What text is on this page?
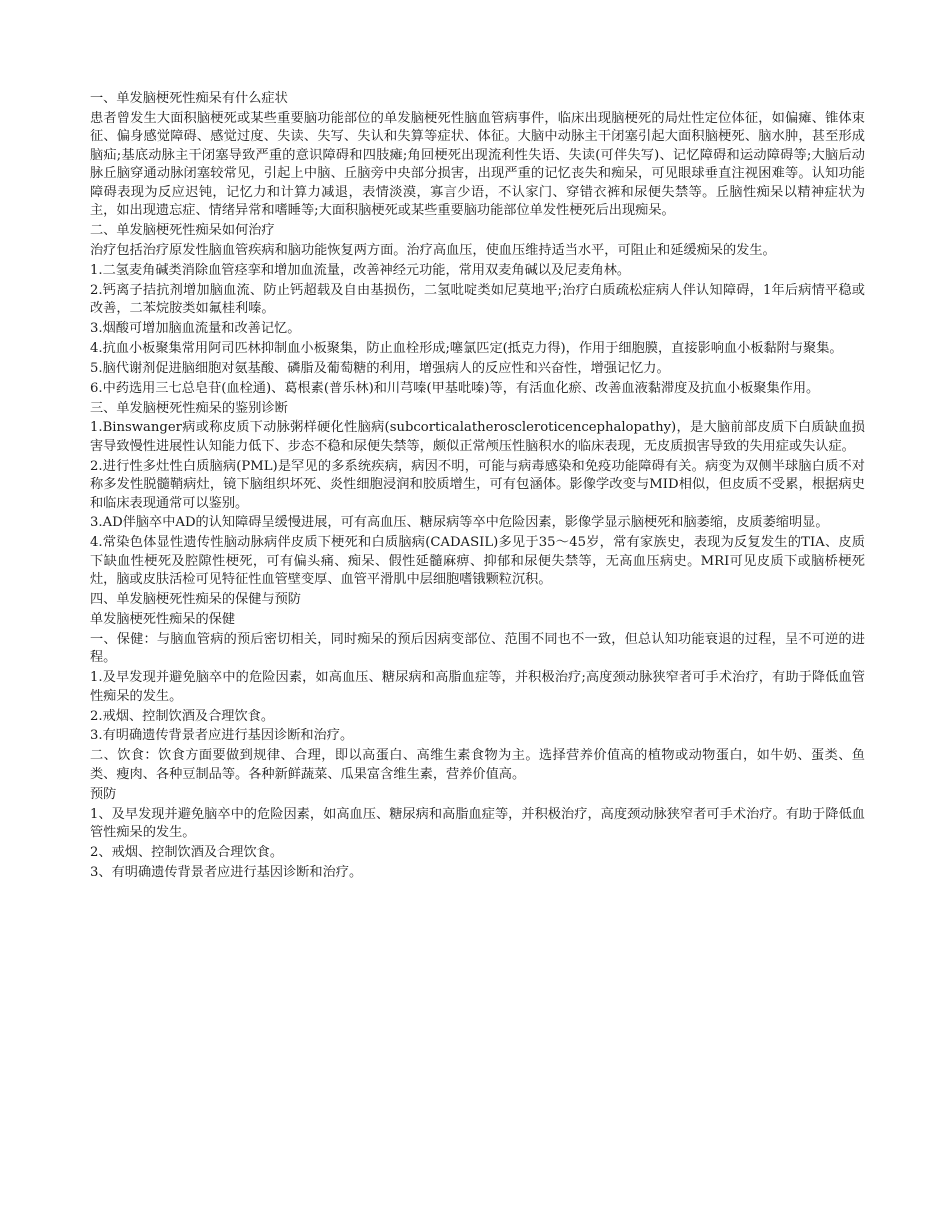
一、单发脑梗死性痴呆有什么症状

患者曾发生大面积脑梗死或某些重要脑功能部位的单发脑梗死性脑血管病事件，临床出现脑梗死的局灶性定位体征，如偏瘫、锥体束征、偏身感觉障碍、感觉过度、失读、失写、失认和失算等症状、体征。大脑中动脉主干闭塞引起大面积脑梗死、脑水肿，甚至形成脑疝;基底动脉主干闭塞导致严重的意识障碍和四肢瘫;角回梗死出现流利性失语、失读(可伴失写)、记忆障碍和运动障碍等;大脑后动脉丘脑穿通动脉闭塞较常见，引起上中脑、丘脑旁中央部分损害，出现严重的记忆丧失和痴呆，可见眼球垂直注视困难等。认知功能障碍表现为反应迟钝，记忆力和计算力减退，表情淡漠，寡言少语，不认家门、穿错衣裤和尿便失禁等。丘脑性痴呆以精神症状为主，如出现遗忘症、情绪异常和嗜睡等;大面积脑梗死或某些重要脑功能部位单发性梗死后出现痴呆。

二、单发脑梗死性痴呆如何治疗

治疗包括治疗原发性脑血管疾病和脑功能恢复两方面。治疗高血压，使血压维持适当水平，可阻止和延缓痴呆的发生。

1.二氢麦角碱类消除血管痉挛和增加血流量，改善神经元功能，常用双麦角碱以及尼麦角林。

2.钙离子拮抗剂增加脑血流、防止钙超载及自由基损伤，二氢吡啶类如尼莫地平;治疗白质疏松症病人伴认知障碍，1年后病情平稳或改善，二苯烷胺类如氟桂利嗪。

3.烟酸可增加脑血流量和改善记忆。

4.抗血小板聚集常用阿司匹林抑制血小板聚集，防止血栓形成;噻氯匹定(抵克力得)，作用于细胞膜，直接影响血小板黏附与聚集。

5.脑代谢剂促进脑细胞对氨基酸、磷脂及葡萄糖的利用，增强病人的反应性和兴奋性，增强记忆力。

6.中药选用三七总皂苷(血栓通)、葛根素(普乐林)和川芎嗪(甲基吡嗪)等，有活血化瘀、改善血液黏滞度及抗血小板聚集作用。

三、单发脑梗死性痴呆的鉴别诊断

1.Binswanger病或称皮质下动脉粥样硬化性脑病(subcorticalatheroscleroticencephalopathy)，是大脑前部皮质下白质缺血损害导致慢性进展性认知能力低下、步态不稳和尿便失禁等，颇似正常颅压性脑积水的临床表现，无皮质损害导致的失用症或失认症。

2.进行性多灶性白质脑病(PML)是罕见的多系统疾病，病因不明，可能与病毒感染和免疫功能障碍有关。病变为双侧半球脑白质不对称多发性脱髓鞘病灶，镜下脑组织坏死、炎性细胞浸润和胶质增生，可有包涵体。影像学改变与MID相似，但皮质不受累，根据病史和临床表现通常可以鉴别。

3.AD伴脑卒中AD的认知障碍呈缓慢进展，可有高血压、糖尿病等卒中危险因素，影像学显示脑梗死和脑萎缩，皮质萎缩明显。

4.常染色体显性遗传性脑动脉病伴皮质下梗死和白质脑病(CADASIL)多见于35～45岁，常有家族史，表现为反复发生的TIA、皮质下缺血性梗死及腔隙性梗死，可有偏头痛、痴呆、假性延髓麻痹、抑郁和尿便失禁等，无高血压病史。MRI可见皮质下或脑桥梗死灶，脑或皮肤活检可见特征性血管壁变厚、血管平滑肌中层细胞嗜锇颗粒沉积。

四、单发脑梗死性痴呆的保健与预防

单发脑梗死性痴呆的保健

一、保健：与脑血管病的预后密切相关，同时痴呆的预后因病变部位、范围不同也不一致，但总认知功能衰退的过程，呈不可逆的进程。

1.及早发现并避免脑卒中的危险因素，如高血压、糖尿病和高脂血症等，并积极治疗;高度颈动脉狭窄者可手术治疗，有助于降低血管性痴呆的发生。

2.戒烟、控制饮酒及合理饮食。

3.有明确遗传背景者应进行基因诊断和治疗。

二、饮食：饮食方面要做到规律、合理，即以高蛋白、高维生素食物为主。选择营养价值高的植物或动物蛋白，如牛奶、蛋类、鱼类、瘦肉、各种豆制品等。各种新鲜蔬菜、瓜果富含维生素，营养价值高。

预防

1、及早发现并避免脑卒中的危险因素，如高血压、糖尿病和高脂血症等，并积极治疗，高度颈动脉狭窄者可手术治疗。有助于降低血管性痴呆的发生。

2、戒烟、控制饮酒及合理饮食。

3、有明确遗传背景者应进行基因诊断和治疗。
